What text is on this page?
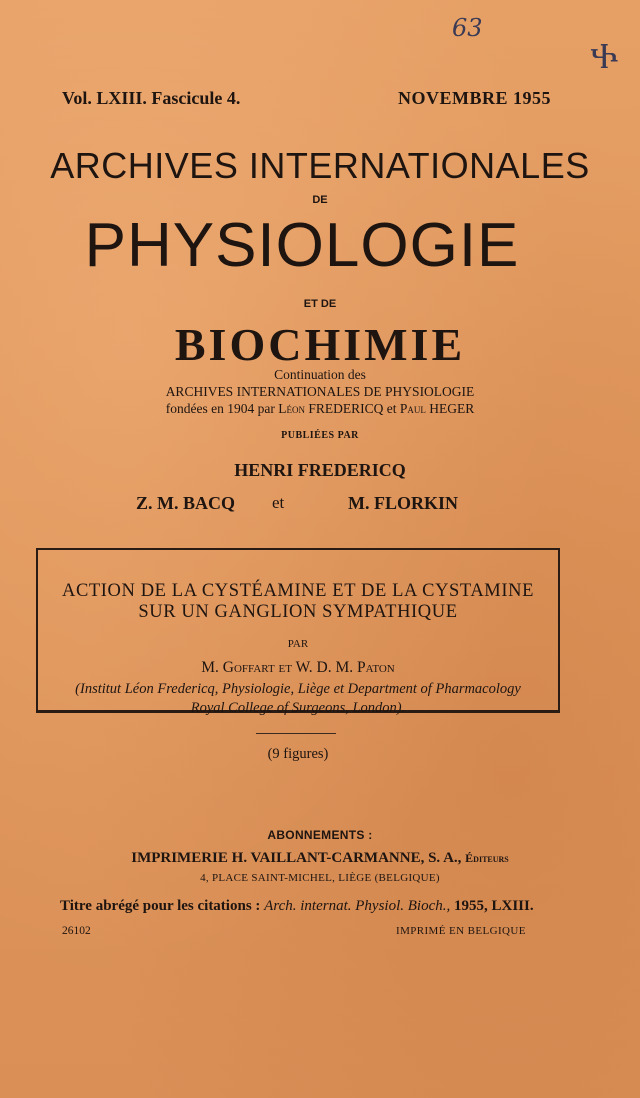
63
Ⴕ
Vol. LXIII. Fascicule 4.	NOVEMBRE 1955
ARCHIVES INTERNATIONALES
DE
PHYSIOLOGIE
ET DE
BIOCHIMIE
Continuation des
ARCHIVES INTERNATIONALES DE PHYSIOLOGIE
fondées en 1904 par Léon FREDERICQ et Paul HEGER
PUBLIÉES PAR
HENRI FREDERICQ
Z. M. BACQ et	M. FLORKIN
ACTION DE LA CYSTÉAMINE ET DE LA CYSTAMINE
SUR UN GANGLION SYMPATHIQUE
PAR
M. Goffart et W. D. M. Paton
(Institut Léon Fredericq, Physiologie, Liège et Department of Pharmacology
Royal College of Surgeons, London).
(9 figures)
ABONNEMENTS :
IMPRIMERIE H. VAILLANT-CARMANNE, S. A., Éditeurs
4, PLACE SAINT-MICHEL, LIÈGE (BELGIQUE)
Titre abrégé pour les citations : Arch. internat. Physiol. Bioch., 1955, LXIII.
26102	IMPRIMÉ EN BELGIQUE
